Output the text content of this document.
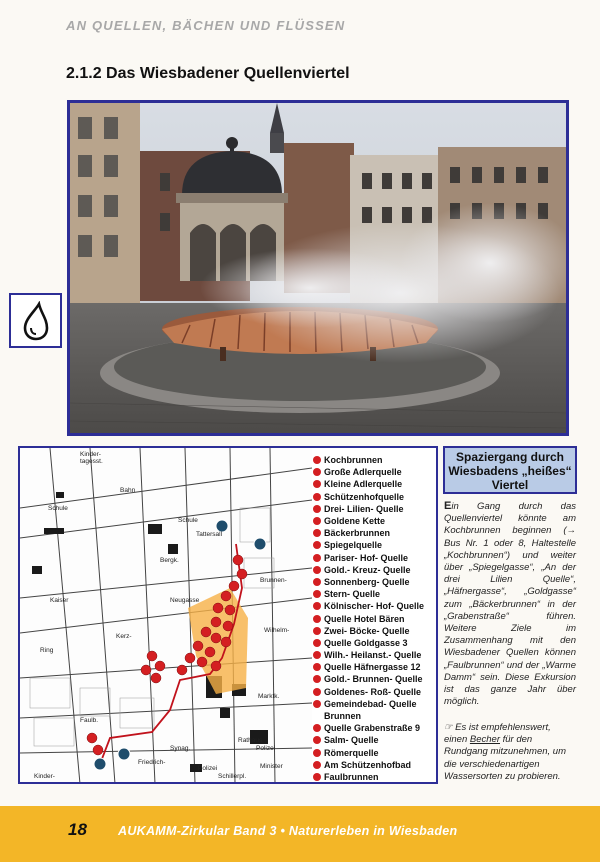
AN QUELLEN, BÄCHEN UND FLÜSSEN
2.1.2 Das Wiesbadener Quellenviertel
Kinder-
tagesst.
Schule
Schule
Tattersall
Rathaus
Polizei
Polizei
Friedrich-
Synag.
Minister
Schillerpl.
Kinder-
Faulb.
Brunnen-
Wilhelm-
Kerz-
Kaiser
Marktk.
Ring
Neugasse
Bergk.
Bahn
Kochbrunnen
Große Adlerquelle
Kleine Adlerquelle
Schützenhofquelle
Drei- Lilien- Quelle
Goldene Kette
Bäckerbrunnen
Spiegelquelle
Pariser- Hof- Quelle
Gold.- Kreuz- Quelle
Sonnenberg- Quelle
Stern- Quelle
Kölnischer- Hof- Quelle
Quelle Hotel Bären
Zwei- Böcke- Quelle
Quelle Goldgasse 3
Wilh.- Heilanst.- Quelle
Quelle Häfnergasse 12
Gold.- Brunnen- Quelle
Goldenes- Roß- Quelle
Gemeindebad- Quelle
Brunnen
Quelle Grabenstraße 9
Salm- Quelle
Römerquelle
Am Schützenhofbad
Faulbrunnen
Spaziergang durch Wiesbadens „heißes“ Viertel
Ein Gang durch das Quellenviertel könnte am Kochbrunnen beginnen (→ Bus Nr. 1 oder 8, Haltestelle „Kochbrunnen“) und weiter über „Spiegelgasse“, „An der drei Lilien Quelle“, „Häfnergasse“, „Goldgasse“ zum „Bäckerbrunnen“ in der „Grabenstraße“ führen. Weitere Ziele im Zusammenhang mit den Wiesbadener Quellen können „Faulbrunnen“ und der „Warme Damm“ sein. Diese Exkursion ist das ganze Jahr über möglich.
☞ Es ist empfehlenswert, einen Becher für den Rundgang mitzunehmen, um die verschiedenartigen Wassersorten zu probieren.
18 AUKAMM-Zirkular Band 3 • Naturerleben in Wiesbaden
